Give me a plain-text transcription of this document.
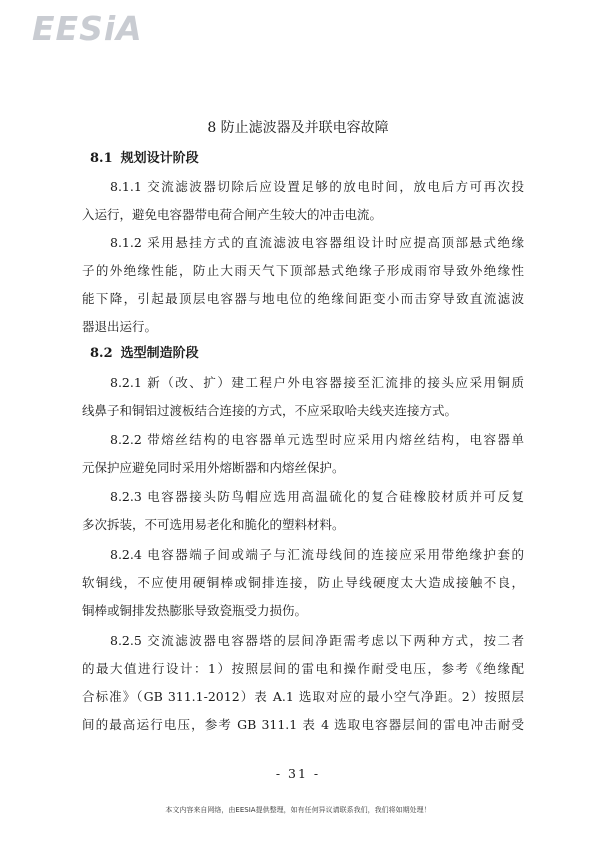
EESiA
8 防止滤波器及并联电容故障
8.1 规划设计阶段
8.1.1 交流滤波器切除后应设置足够的放电时间，放电后方可再次投
入运行，避免电容器带电荷合闸产生较大的冲击电流。
8.1.2 采用悬挂方式的直流滤波电容器组设计时应提高顶部悬式绝缘
子的外绝缘性能，防止大雨天气下顶部悬式绝缘子形成雨帘导致外绝缘性
能下降，引起最顶层电容器与地电位的绝缘间距变小而击穿导致直流滤波
器退出运行。
8.2 选型制造阶段
8.2.1 新（改、扩）建工程户外电容器接至汇流排的接头应采用铜质
线鼻子和铜铝过渡板结合连接的方式，不应采取哈夫线夹连接方式。
8.2.2 带熔丝结构的电容器单元选型时应采用内熔丝结构，电容器单
元保护应避免同时采用外熔断器和内熔丝保护。
8.2.3 电容器接头防鸟帽应选用高温硫化的复合硅橡胶材质并可反复
多次拆装，不可选用易老化和脆化的塑料材料。
8.2.4 电容器端子间或端子与汇流母线间的连接应采用带绝缘护套的
软铜线，不应使用硬铜棒或铜排连接，防止导线硬度太大造成接触不良，
铜棒或铜排发热膨胀导致瓷瓶受力损伤。
8.2.5 交流滤波器电容器塔的层间净距需考虑以下两种方式，按二者
的最大值进行设计：1）按照层间的雷电和操作耐受电压，参考《绝缘配
合标准》（GB 311.1-2012）表 A.1 选取对应的最小空气净距。2）按照层
间的最高运行电压，参考 GB 311.1 表 4 选取电容器层间的雷电冲击耐受
- 31 -
本文内容来自网络，由EESIA提供整理，如有任何异议请联系我们，我们将如期处理！
